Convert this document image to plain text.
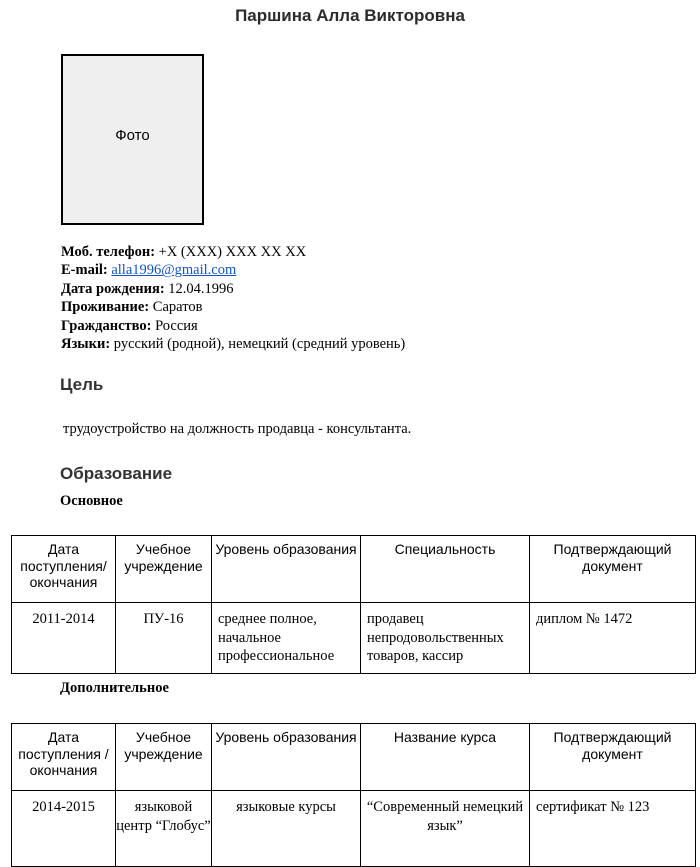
Паршина Алла Викторовна
Фото
Моб. телефон: +X (XXX) XXX XX XX
E-mail: alla1996@gmail.com
Дата рождения: 12.04.1996
Проживание: Саратов
Гражданство: Россия
Языки: русский (родной), немецкий (средний уровень)
Цель
трудоустройство на должность продавца - консультанта.
Образование
Основное
Дата поступления/ окончания	Учебное учреждение	Уровень образования	Специальность	Подтверждающий документ
2011-2014	ПУ-16	среднее полное, начальное профессиональное	продавец непродовольственных товаров, кассир	диплом № 1472
Дополнительное
Дата поступления /окончания	Учебное учреждение	Уровень образования	Название курса	Подтверждающий документ
2014-2015	языковой центр “Глобус”	языковые курсы	“Современный немецкий язык”	сертификат № 123
